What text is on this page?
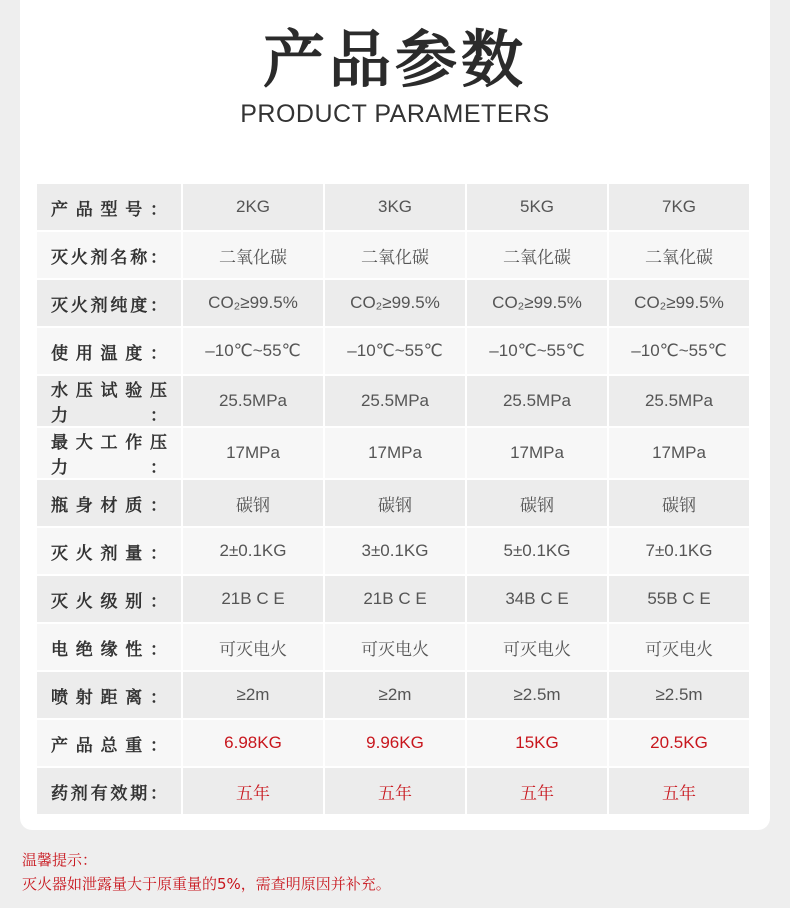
产品参数
PRODUCT PARAMETERS
产品型号：	2KG	3KG	5KG	7KG
灭火剂名称：	二氧化碳	二氧化碳	二氧化碳	二氧化碳
灭火剂纯度：	CO₂≥99.5%	CO₂≥99.5%	CO₂≥99.5%	CO₂≥99.5%
使用温度：	–10℃~55℃	–10℃~55℃	–10℃~55℃	–10℃~55℃
水压试验压力：	25.5MPa	25.5MPa	25.5MPa	25.5MPa
最大工作压力：	17MPa	17MPa	17MPa	17MPa
瓶身材质：	碳钢	碳钢	碳钢	碳钢
灭火剂量：	2±0.1KG	3±0.1KG	5±0.1KG	7±0.1KG
灭火级别：	21B C E	21B C E	34B C E	55B C E
电绝缘性：	可灭电火	可灭电火	可灭电火	可灭电火
喷射距离：	≥2m	≥2m	≥2.5m	≥2.5m
产品总重：	6.98KG	9.96KG	15KG	20.5KG
药剂有效期：	五年	五年	五年	五年
温馨提示：
灭火器如泄露量大于原重量的5%，需查明原因并补充。
